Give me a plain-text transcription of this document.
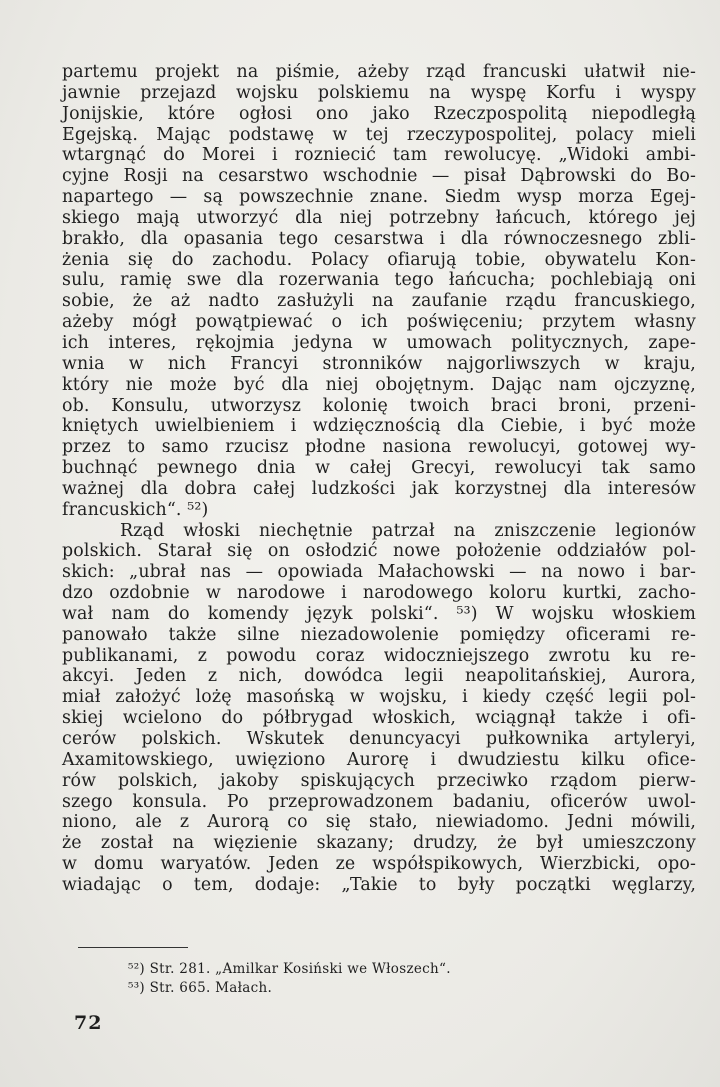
partemu projekt na piśmie, ażeby rząd francuski ułatwił nie-
jawnie przejazd wojsku polskiemu na wyspę Korfu i wyspy
Jonijskie, które ogłosi ono jako Rzeczpospolitą niepodległą
Egejską. Mając podstawę w tej rzeczypospolitej, polacy mieli
wtargnąć do Morei i rozniecić tam rewolucyę. „Widoki ambi-
cyjne Rosji na cesarstwo wschodnie — pisał Dąbrowski do Bo-
napartego — są powszechnie znane. Siedm wysp morza Egej-
skiego mają utworzyć dla niej potrzebny łańcuch, którego jej
brakło, dla opasania tego cesarstwa i dla równoczesnego zbli-
żenia się do zachodu. Polacy ofiarują tobie, obywatelu Kon-
sulu, ramię swe dla rozerwania tego łańcucha; pochlebiają oni
sobie, że aż nadto zasłużyli na zaufanie rządu francuskiego,
ażeby mógł powątpiewać o ich poświęceniu; przytem własny
ich interes, rękojmia jedyna w umowach politycznych, zape-
wnia w nich Francyi stronników najgorliwszych w kraju,
który nie może być dla niej obojętnym. Dając nam ojczyznę,
ob. Konsulu, utworzysz kolonię twoich braci broni, przeni-
kniętych uwielbieniem i wdzięcznością dla Ciebie, i być może
przez to samo rzucisz płodne nasiona rewolucyi, gotowej wy-
buchnąć pewnego dnia w całej Grecyi, rewolucyi tak samo
ważnej dla dobra całej ludzkości jak korzystnej dla interesów
francuskich“. ⁵²)
Rząd włoski niechętnie patrzał na zniszczenie legionów
polskich. Starał się on osłodzić nowe położenie oddziałów pol-
skich: „ubrał nas — opowiada Małachowski — na nowo i bar-
dzo ozdobnie w narodowe i narodowego koloru kurtki, zacho-
wał nam do komendy język polski“. ⁵³) W wojsku włoskiem
panowało także silne niezadowolenie pomiędzy oficerami re-
publikanami, z powodu coraz widoczniejszego zwrotu ku re-
akcyi. Jeden z nich, dowódca legii neapolitańskiej, Aurora,
miał założyć lożę masońską w wojsku, i kiedy część legii pol-
skiej wcielono do półbrygad włoskich, wciągnął także i ofi-
cerów polskich. Wskutek denuncyacyi pułkownika artyleryi,
Axamitowskiego, uwięziono Aurorę i dwudziestu kilku ofice-
rów polskich, jakoby spiskujących przeciwko rządom pierw-
szego konsula. Po przeprowadzonem badaniu, oficerów uwol-
niono, ale z Aurorą co się stało, niewiadomo. Jedni mówili,
że został na więzienie skazany; drudzy, że był umieszczony
w domu waryatów. Jeden ze współspikowych, Wierzbicki, opo-
wiadając o tem, dodaje: „Takie to były początki węglarzy,
⁵²) Str. 281. „Amilkar Kosiński we Włoszech“.
⁵³) Str. 665. Małach.
72
